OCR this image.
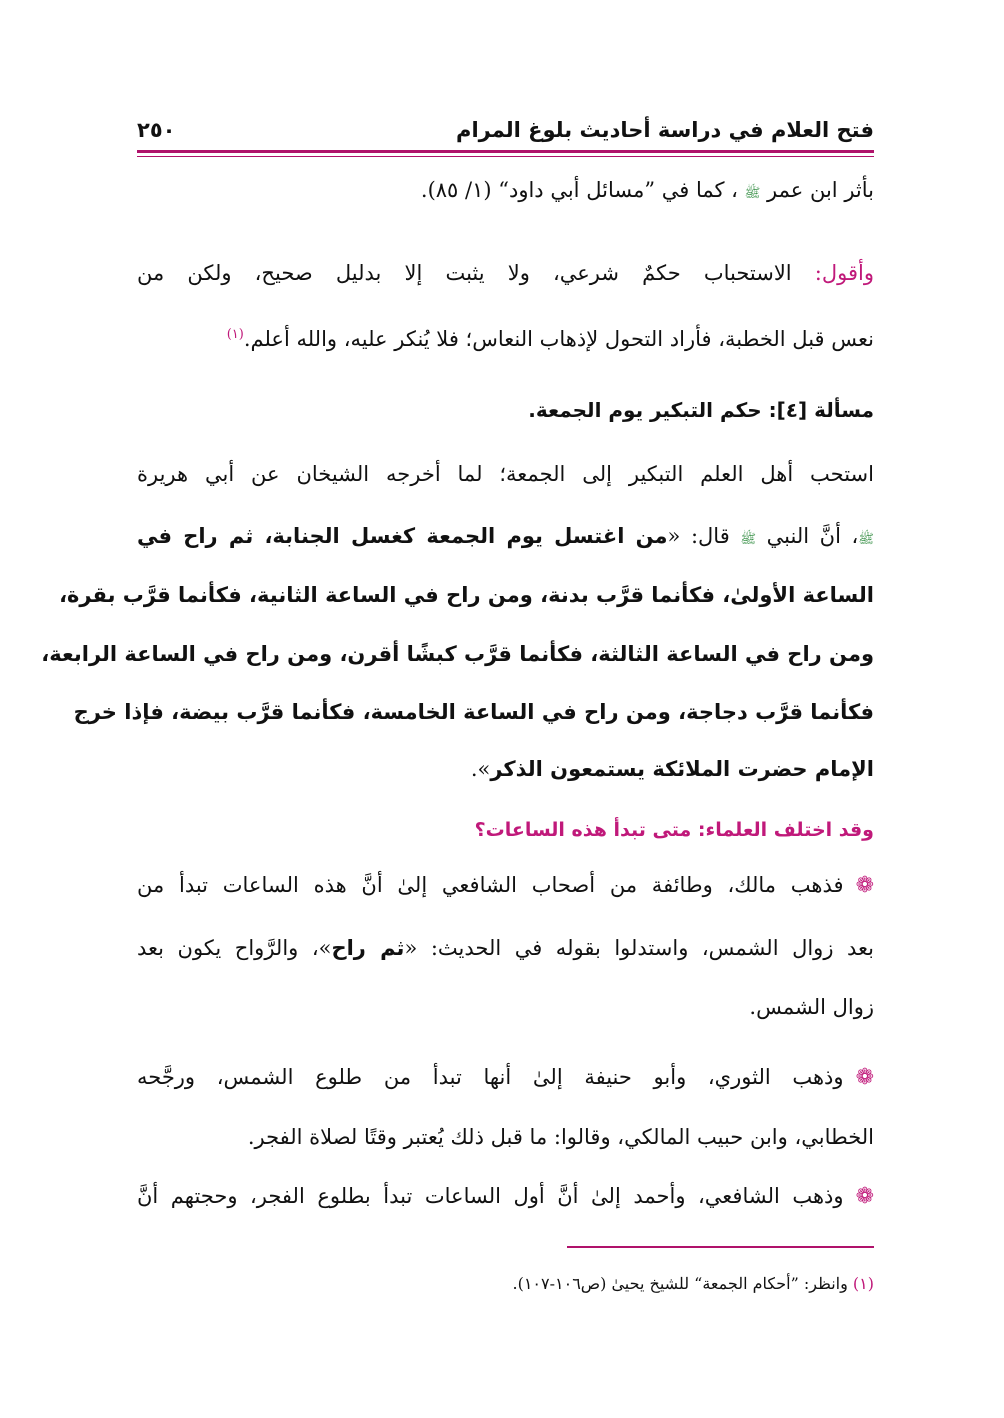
فتح العلام في دراسة أحاديث بلوغ المرام
٢٥٠
بأثر ابن عمر ﷺ ، كما في ”مسائل أبي داود“ (١/ ٨٥).
وأقول: الاستحباب حكمٌ شرعي، ولا يثبت إلا بدليل صحيح، ولكن من
نعس قبل الخطبة، فأراد التحول لإذهاب النعاس؛ فلا يُنكر عليه، والله أعلم.$^{(١)}$
مسألة [٤]: حكم التبكير يوم الجمعة.
استحب أهل العلم التبكير إلى الجمعة؛ لما أخرجه الشيخان عن أبي هريرة
ﷺ، أنَّ النبي ﷺ قال: «من اغتسل يوم الجمعة كغسل الجنابة، ثم راح في
الساعة الأولىٰ، فكأنما قرَّب بدنة، ومن راح في الساعة الثانية، فكأنما قرَّب بقرة،
ومن راح في الساعة الثالثة، فكأنما قرَّب كبشًا أقرن، ومن راح في الساعة الرابعة،
فكأنما قرَّب دجاجة، ومن راح في الساعة الخامسة، فكأنما قرَّب بيضة، فإذا خرج
الإمام حضرت الملائكة يستمعون الذكر».
وقد اختلف العلماء: متى تبدأ هذه الساعات؟
❁فذهب مالك، وطائفة من أصحاب الشافعي إلىٰ أنَّ هذه الساعات تبدأ من
بعد زوال الشمس، واستدلوا بقوله في الحديث: «ثم راح»، والرَّواح يكون بعد
زوال الشمس.
❁وذهب الثوري، وأبو حنيفة إلىٰ أنها تبدأ من طلوع الشمس، ورجَّحه
الخطابي، وابن حبيب المالكي، وقالوا: ما قبل ذلك يُعتبر وقتًا لصلاة الفجر.
❁وذهب الشافعي، وأحمد إلىٰ أنَّ أول الساعات تبدأ بطلوع الفجر، وحجتهم أنَّ
(١) وانظر: ”أحكام الجمعة“ للشيخ يحيىٰ (ص١٠٦-١٠٧).
